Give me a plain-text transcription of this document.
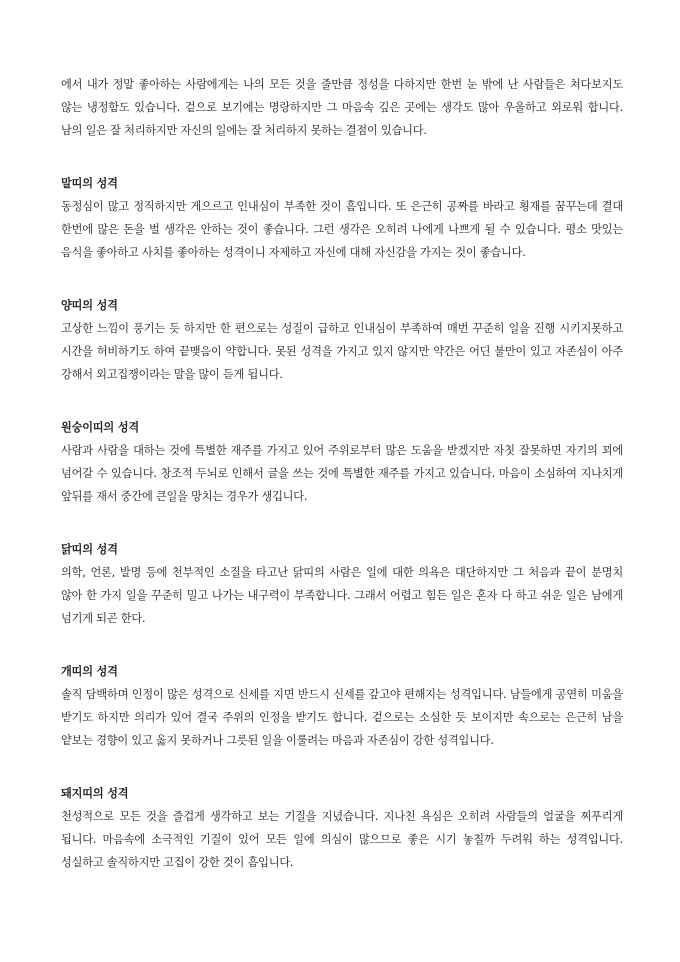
에서 내가 정말 좋아하는 사람에게는 나의 모든 것을 줄만큼 정성을 다하지만 한번 눈 밖에 난 사람들은 쳐다보지도 않는 냉정함도 있습니다. 겉으로 보기에는 명랑하지만 그 마음속 깊은 곳에는 생각도 많아 우울하고 외로워 합니다. 남의 일은 잘 처리하지만 자신의 일에는 잘 처리하지 못하는 결점이 있습니다.

말띠의 성격

동정심이 많고 정직하지만 게으르고 인내심이 부족한 것이 흠입니다. 또 은근히 공짜를 바라고 횡재를 꿈꾸는데 결대 한번에 많은 돈을 벌 생각은 안하는 것이 좋습니다. 그런 생각은 오히려 나에게 나쁘게 될 수 있습니다. 평소 맛있는 음식을 좋아하고 사치를 좋아하는 성격이니 자제하고 자신에 대해 자신감을 가지는 것이 좋습니다.

양띠의 성격

고상한 느낌이 풍기는 듯 하지만 한 편으로는 성질이 급하고 인내심이 부족하여 매번 꾸준히 일을 진행 시키지못하고 시간을 허비하기도 하여 끝맺음이 약합니다. 못된 성격을 가지고 있지 않지만 약간은 어딘 불만이 있고 자존심이 아주 강해서 외고집쟁이라는 말을 많이 듣게 됩니다.

원숭이띠의 성격

사람과 사람을 대하는 것에 특별한 재주를 가지고 있어 주위로부터 많은 도움을 받겠지만 자칫 잘못하면 자기의 꾀에 넘어갈 수 있습니다. 창조적 두뇌로 인해서 글을 쓰는 것에 특별한 재주를 가지고 있습니다. 마음이 소심하여 지나치게 앞뒤를 재서 중간에 큰일을 망치는 경우가 생깁니다.

닭띠의 성격

의학, 언론, 발명 등에 천부적인 소질을 타고난 닭띠의 사람은 일에 대한 의욕은 대단하지만 그 처음과 끝이 분명치 않아 한 가지 일을 꾸준히 밀고 나가는 내구력이 부족합니다. 그래서 어렵고 힘든 일은 혼자 다 하고 쉬운 일은 남에게 넘기게 되곤 한다.

개띠의 성격

솔직 담백하며 인정이 많은 성격으로 신세를 지면 반드시 신세를 갚고야 편해지는 성격입니다. 남들에게 공연히 미움을 받기도 하지만 의리가 있어 결국 주위의 인정을 받기도 합니다. 겉으로는 소심한 듯 보이지만 속으로는 은근히 남을 얕보는 경향이 있고 옳지 못하거나 그릇된 일을 이룰려는 마음과 자존심이 강한 성격입니다.

돼지띠의 성격

천성적으로 모든 것을 즐겁게 생각하고 보는 기질을 지녔습니다. 지나친 욕심은 오히려 사람들의 얼굴을 찌푸리게 됩니다. 마음속에 소극적인 기질이 있어 모든 일에 의심이 많으므로 좋은 시기 놓칠까 두려워 하는 성격입니다. 성실하고 솔직하지만 고집이 강한 것이 흠입니다.
